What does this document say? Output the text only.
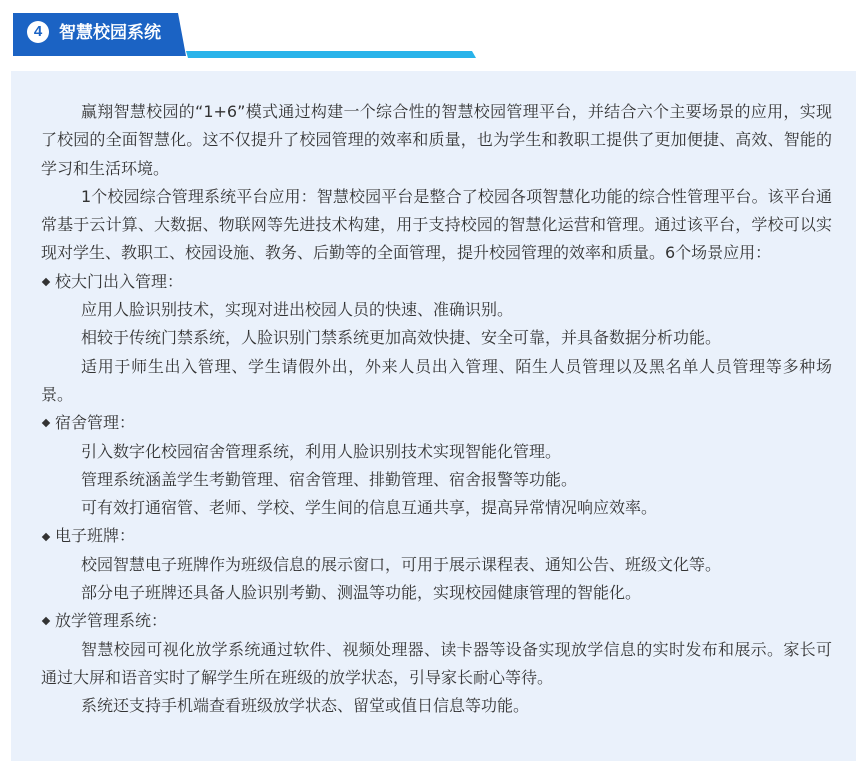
4 智慧校园系统

赢翔智慧校园的“1+6”模式通过构建一个综合性的智慧校园管理平台，并结合六个主要场景的应用，实现了校园的全面智慧化。这不仅提升了校园管理的效率和质量，也为学生和教职工提供了更加便捷、高效、智能的学习和生活环境。

1个校园综合管理系统平台应用：智慧校园平台是整合了校园各项智慧化功能的综合性管理平台。该平台通常基于云计算、大数据、物联网等先进技术构建，用于支持校园的智慧化运营和管理。通过该平台，学校可以实现对学生、教职工、校园设施、教务、后勤等的全面管理，提升校园管理的效率和质量。6个场景应用：

校大门出入管理：

应用人脸识别技术，实现对进出校园人员的快速、准确识别。

相较于传统门禁系统，人脸识别门禁系统更加高效快捷、安全可靠，并具备数据分析功能。

适用于师生出入管理、学生请假外出，外来人员出入管理、陌生人员管理以及黑名单人员管理等多种场景。

宿舍管理：

引入数字化校园宿舍管理系统，利用人脸识别技术实现智能化管理。

管理系统涵盖学生考勤管理、宿舍管理、排勤管理、宿舍报警等功能。

可有效打通宿管、老师、学校、学生间的信息互通共享，提高异常情况响应效率。

电子班牌：

校园智慧电子班牌作为班级信息的展示窗口，可用于展示课程表、通知公告、班级文化等。

部分电子班牌还具备人脸识别考勤、测温等功能，实现校园健康管理的智能化。

放学管理系统：

智慧校园可视化放学系统通过软件、视频处理器、读卡器等设备实现放学信息的实时发布和展示。家长可通过大屏和语音实时了解学生所在班级的放学状态，引导家长耐心等待。

系统还支持手机端查看班级放学状态、留堂或值日信息等功能。
